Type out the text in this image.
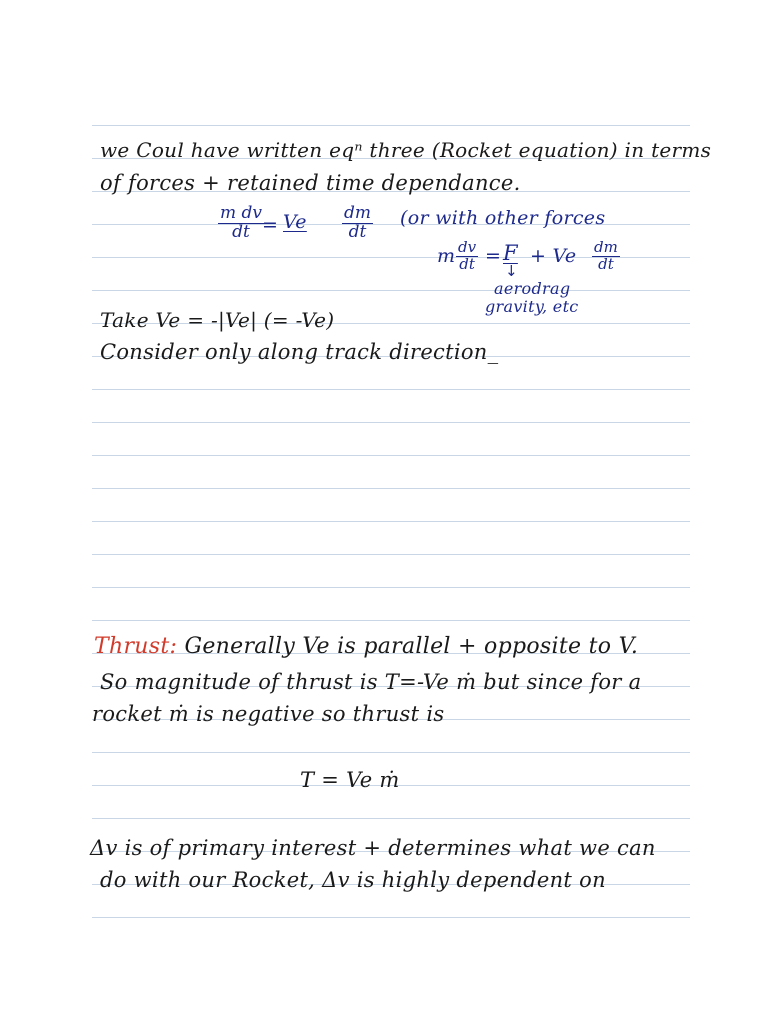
we Coul have written eqⁿ three (Rocket equation) in terms
of forces + retained time dependance.
$\frac{\text{m dv}}{dt}$
= Ve $\frac{dm}{dt} (or$ with other forces
m $\frac{dv}{dt} = F + Ve \frac{dm}{dt}$
↓
aerodrag
gravity, etc
Take Ve = -|Ve| (= -Ve)
Consider only along track direction_
Thrust: Generally Ve is parallel + opposite to V.
So magnitude of thrust is T=-Ve ṁ but since for a
rocket ṁ is negative so thrust is
T = Ve ṁ
Δv is of primary interest + determines what we can
do with our Rocket, Δv is highly dependent on
